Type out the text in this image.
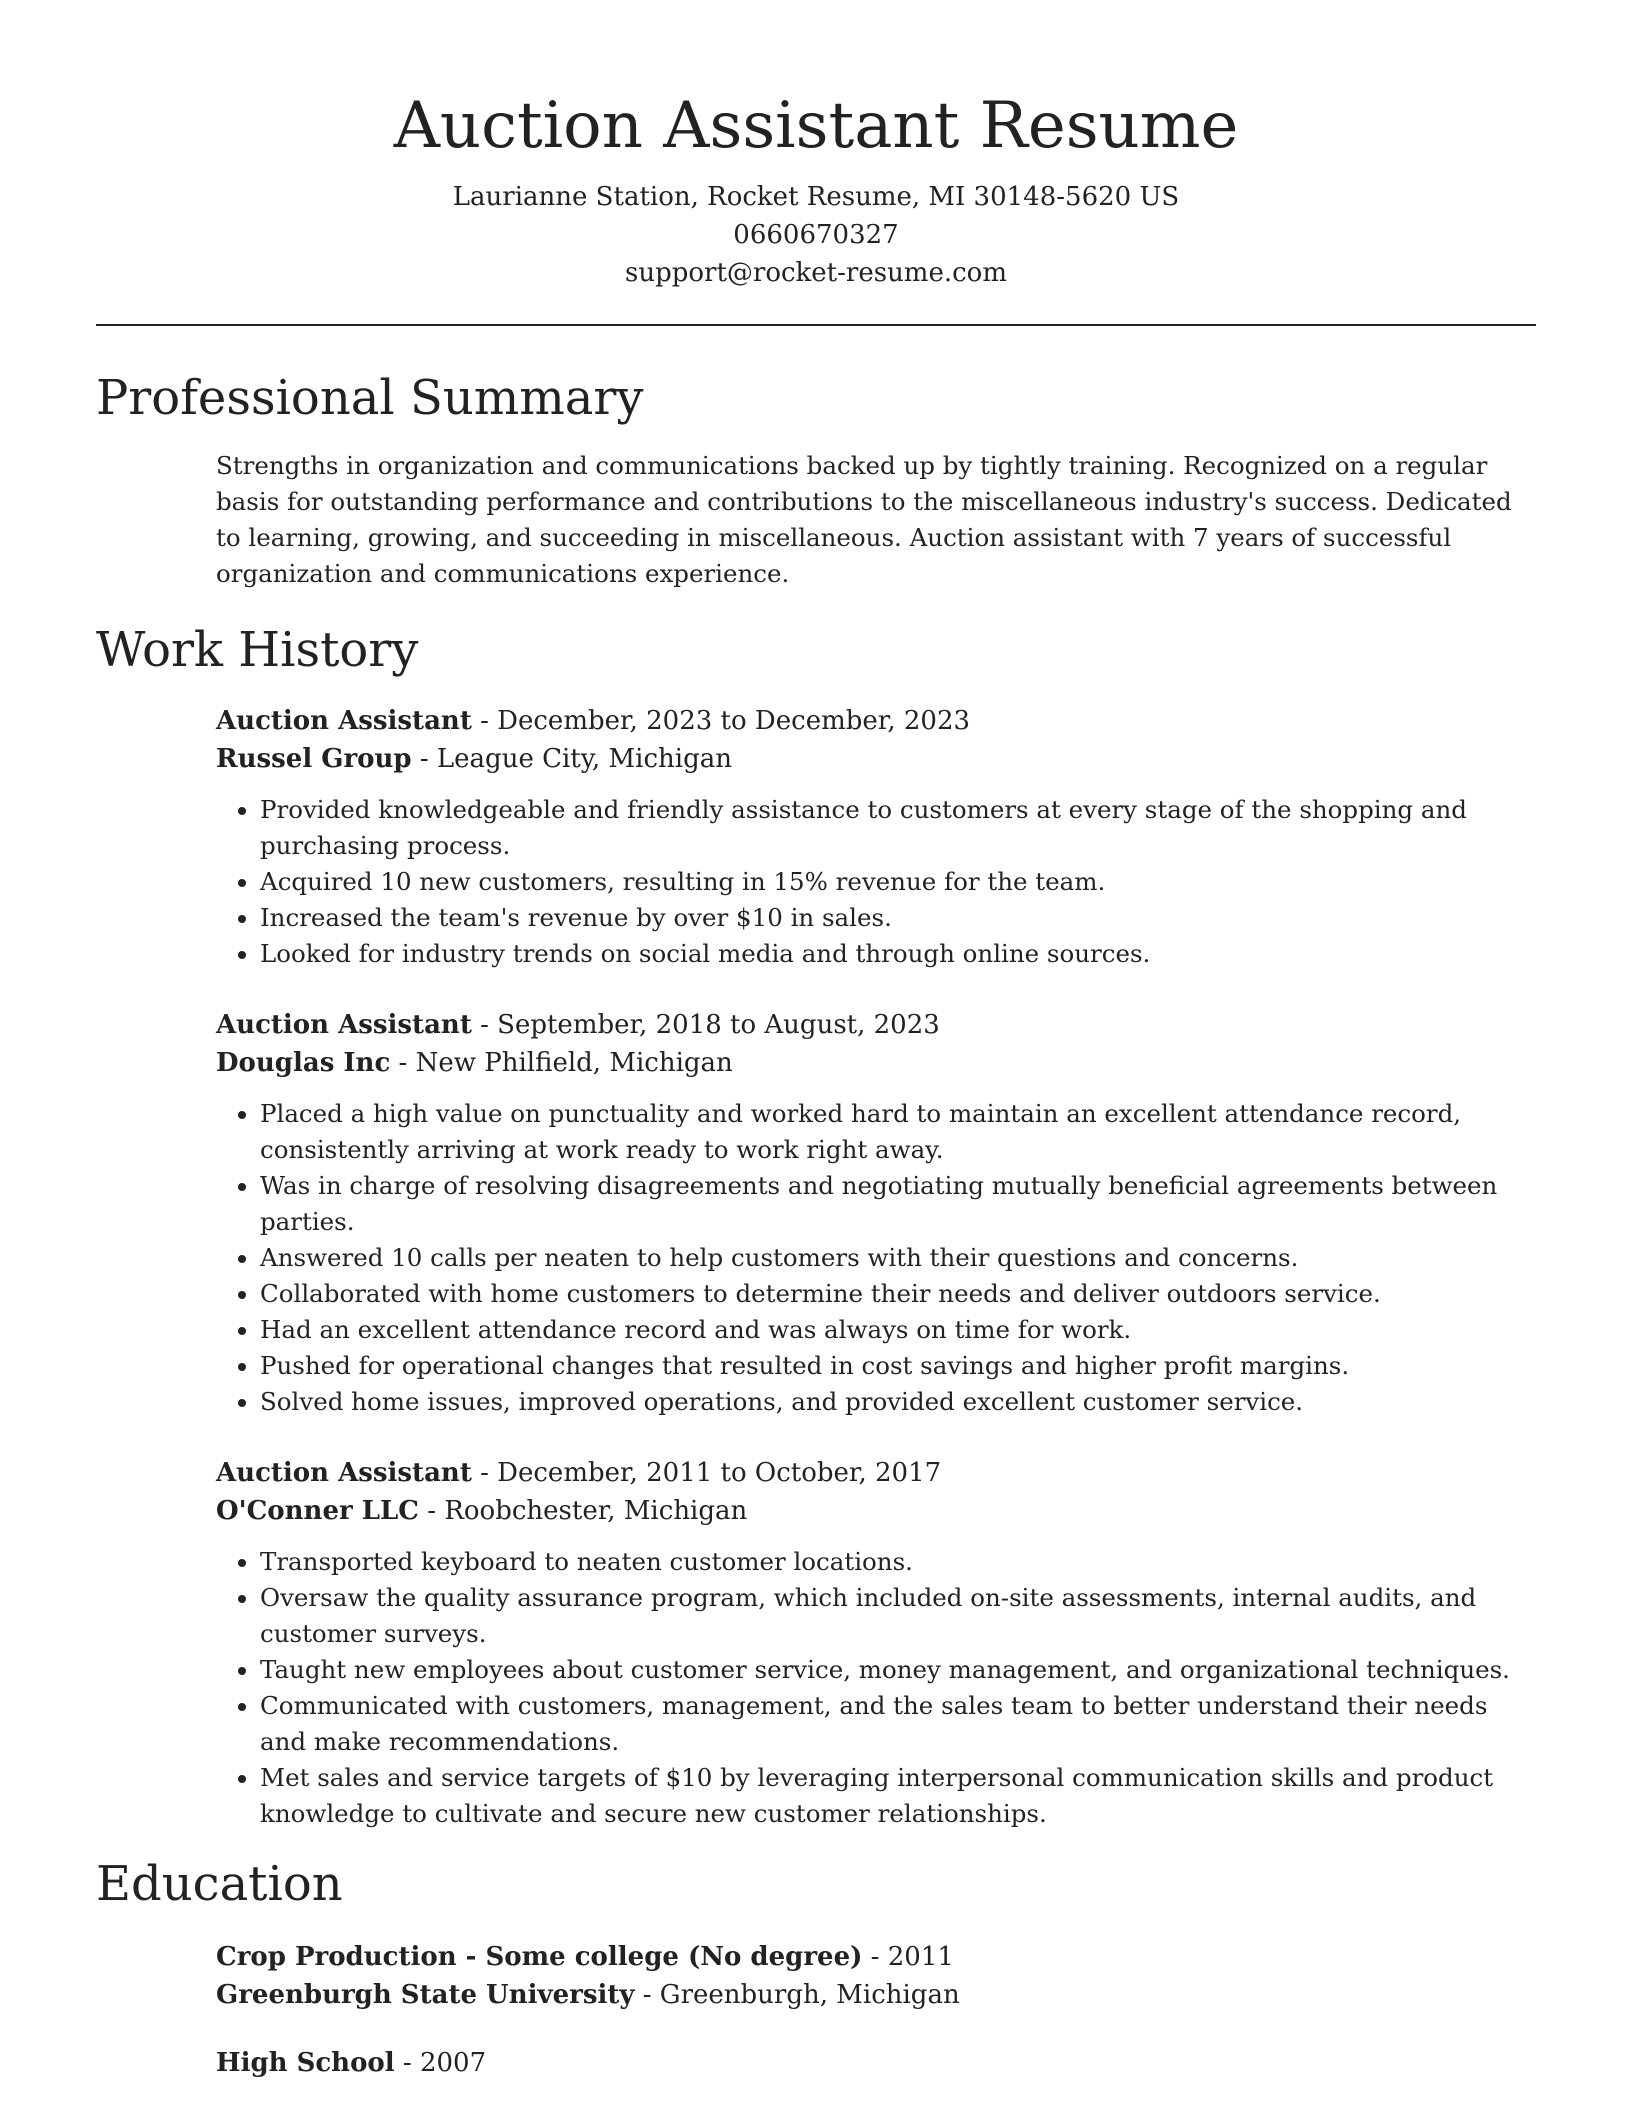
Auction Assistant Resume
Laurianne Station, Rocket Resume, MI 30148-5620 US
0660670327
support@rocket-resume.com
Professional Summary

Strengths in organization and communications backed up by tightly training. Recognized on a regular basis for outstanding performance and contributions to the miscellaneous industry's success. Dedicated to learning, growing, and succeeding in miscellaneous. Auction assistant with 7 years of successful organization and communications experience.

Work History
Auction Assistant - December, 2023 to December, 2023
Russel Group - League City, Michigan
• Provided knowledgeable and friendly assistance to customers at every stage of the shopping and purchasing process.
• Acquired 10 new customers, resulting in 15% revenue for the team.
• Increased the team's revenue by over $10 in sales.
• Looked for industry trends on social media and through online sources.
Auction Assistant - September, 2018 to August, 2023
Douglas Inc - New Philfield, Michigan
• Placed a high value on punctuality and worked hard to maintain an excellent attendance record, consistently arriving at work ready to work right away.
• Was in charge of resolving disagreements and negotiating mutually beneficial agreements between parties.
• Answered 10 calls per neaten to help customers with their questions and concerns.
• Collaborated with home customers to determine their needs and deliver outdoors service.
• Had an excellent attendance record and was always on time for work.
• Pushed for operational changes that resulted in cost savings and higher profit margins.
• Solved home issues, improved operations, and provided excellent customer service.
Auction Assistant - December, 2011 to October, 2017
O'Conner LLC - Roobchester, Michigan
• Transported keyboard to neaten customer locations.
• Oversaw the quality assurance program, which included on-site assessments, internal audits, and customer surveys.
• Taught new employees about customer service, money management, and organizational techniques.
• Communicated with customers, management, and the sales team to better understand their needs and make recommendations.
• Met sales and service targets of $10 by leveraging interpersonal communication skills and product knowledge to cultivate and secure new customer relationships.
Education
Crop Production - Some college (No degree) - 2011
Greenburgh State University - Greenburgh, Michigan
High School - 2007
